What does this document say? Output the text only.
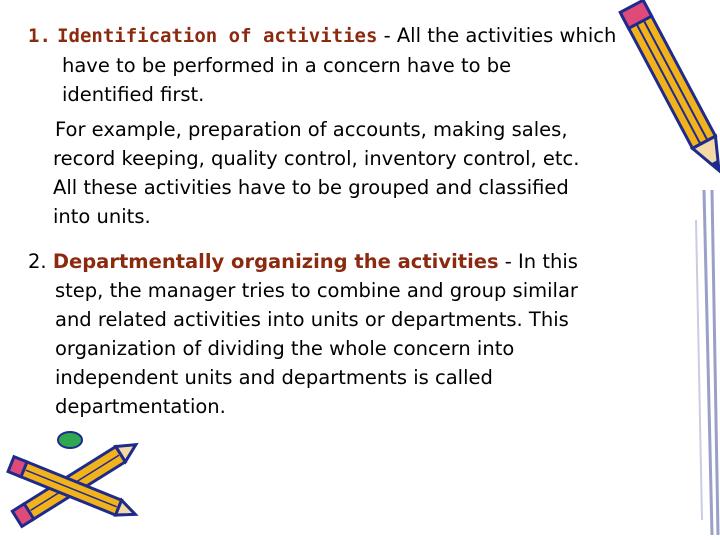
1. Identification of activities - All the activities which
have to be performed in a concern have to be
identified first.
For example, preparation of accounts, making sales,
record keeping, quality control, inventory control, etc.
All these activities have to be grouped and classified
into units.
2. Departmentally organizing the activities - In this
step, the manager tries to combine and group similar
and related activities into units or departments. This
organization of dividing the whole concern into
independent units and departments is called
departmentation.
